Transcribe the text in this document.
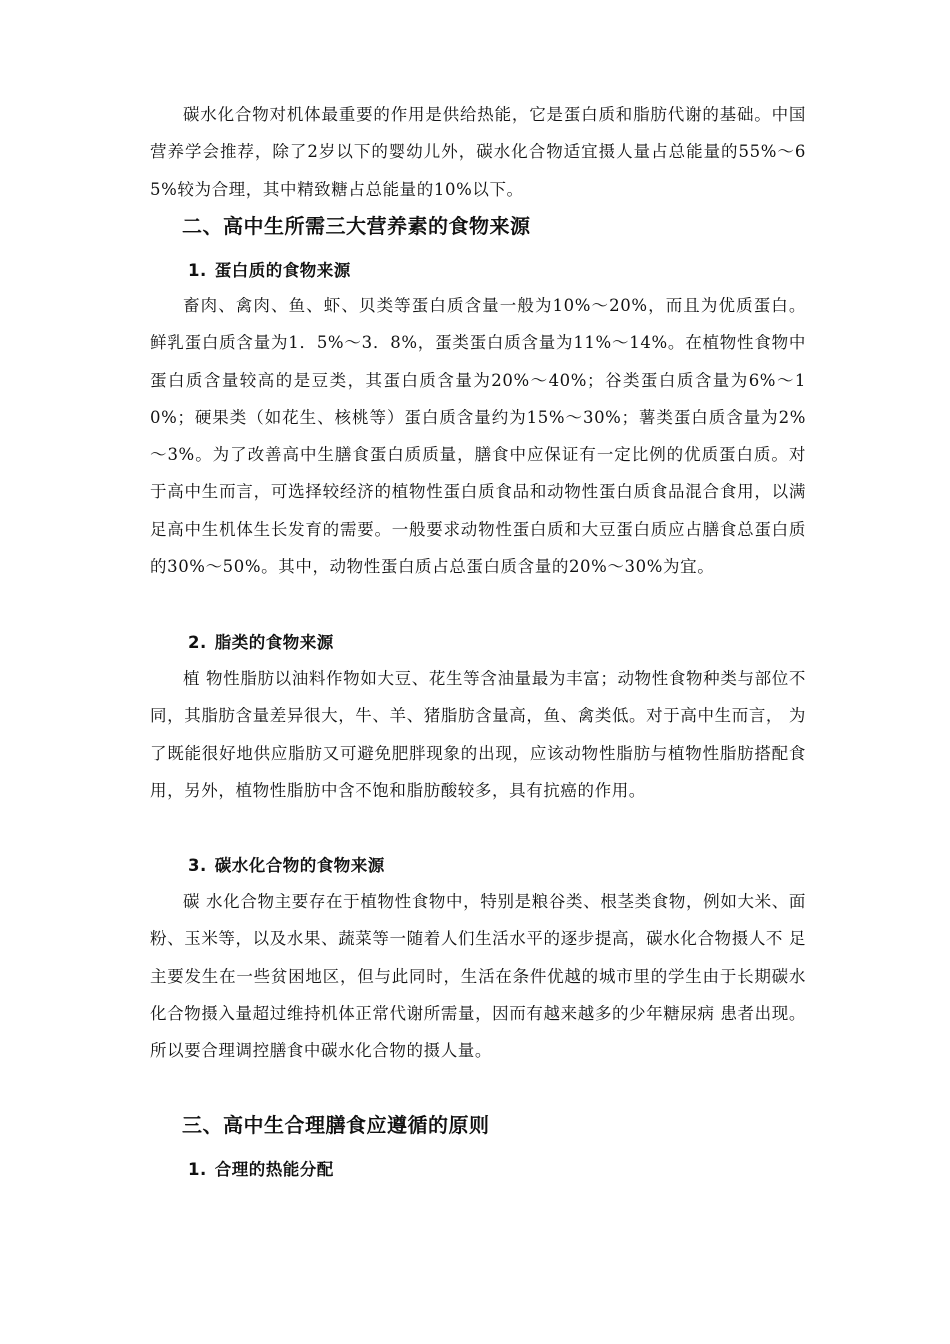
碳水化合物对机体最重要的作用是供给热能，它是蛋白质和脂肪代谢的基础。中国营养学会推荐，除了2岁以下的婴幼儿外，碳水化合物适宜摄人量占总能量的55%～65%较为合理，其中精致糖占总能量的10%以下。

二、高中生所需三大营养素的食物来源
1. 蛋白质的食物来源

畜肉、禽肉、鱼、虾、贝类等蛋白质含量一般为10%～20%，而且为优质蛋白。鲜乳蛋白质含量为1．5%～3．8%，蛋类蛋白质含量为11%～14%。在植物性食物中蛋白质含量较高的是豆类，其蛋白质含量为20%～40%；谷类蛋白质含量为6%～10%；硬果类（如花生、核桃等）蛋白质含量约为15%～30%；薯类蛋白质含量为2%～3%。为了改善高中生膳食蛋白质质量，膳食中应保证有一定比例的优质蛋白质。对于高中生而言，可选择较经济的植物性蛋白质食品和动物性蛋白质食品混合食用，以满足高中生机体生长发育的需要。一般要求动物性蛋白质和大豆蛋白质应占膳食总蛋白质的30%～50%。其中，动物性蛋白质占总蛋白质含量的20%～30%为宜。

2. 脂类的食物来源

植 物性脂肪以油料作物如大豆、花生等含油量最为丰富；动物性食物种类与部位不同，其脂肪含量差异很大，牛、羊、猪脂肪含量高，鱼、禽类低。对于高中生而言， 为了既能很好地供应脂肪又可避免肥胖现象的出现，应该动物性脂肪与植物性脂肪搭配食用，另外，植物性脂肪中含不饱和脂肪酸较多，具有抗癌的作用。

3. 碳水化合物的食物来源

碳 水化合物主要存在于植物性食物中，特别是粮谷类、根茎类食物，例如大米、面粉、玉米等，以及水果、蔬菜等一随着人们生活水平的逐步提高，碳水化合物摄人不 足主要发生在一些贫困地区，但与此同时，生活在条件优越的城市里的学生由于长期碳水化合物摄入量超过维持机体正常代谢所需量，因而有越来越多的少年糖尿病 患者出现。所以要合理调控膳食中碳水化合物的摄人量。

三、高中生合理膳食应遵循的原则
1. 合理的热能分配
